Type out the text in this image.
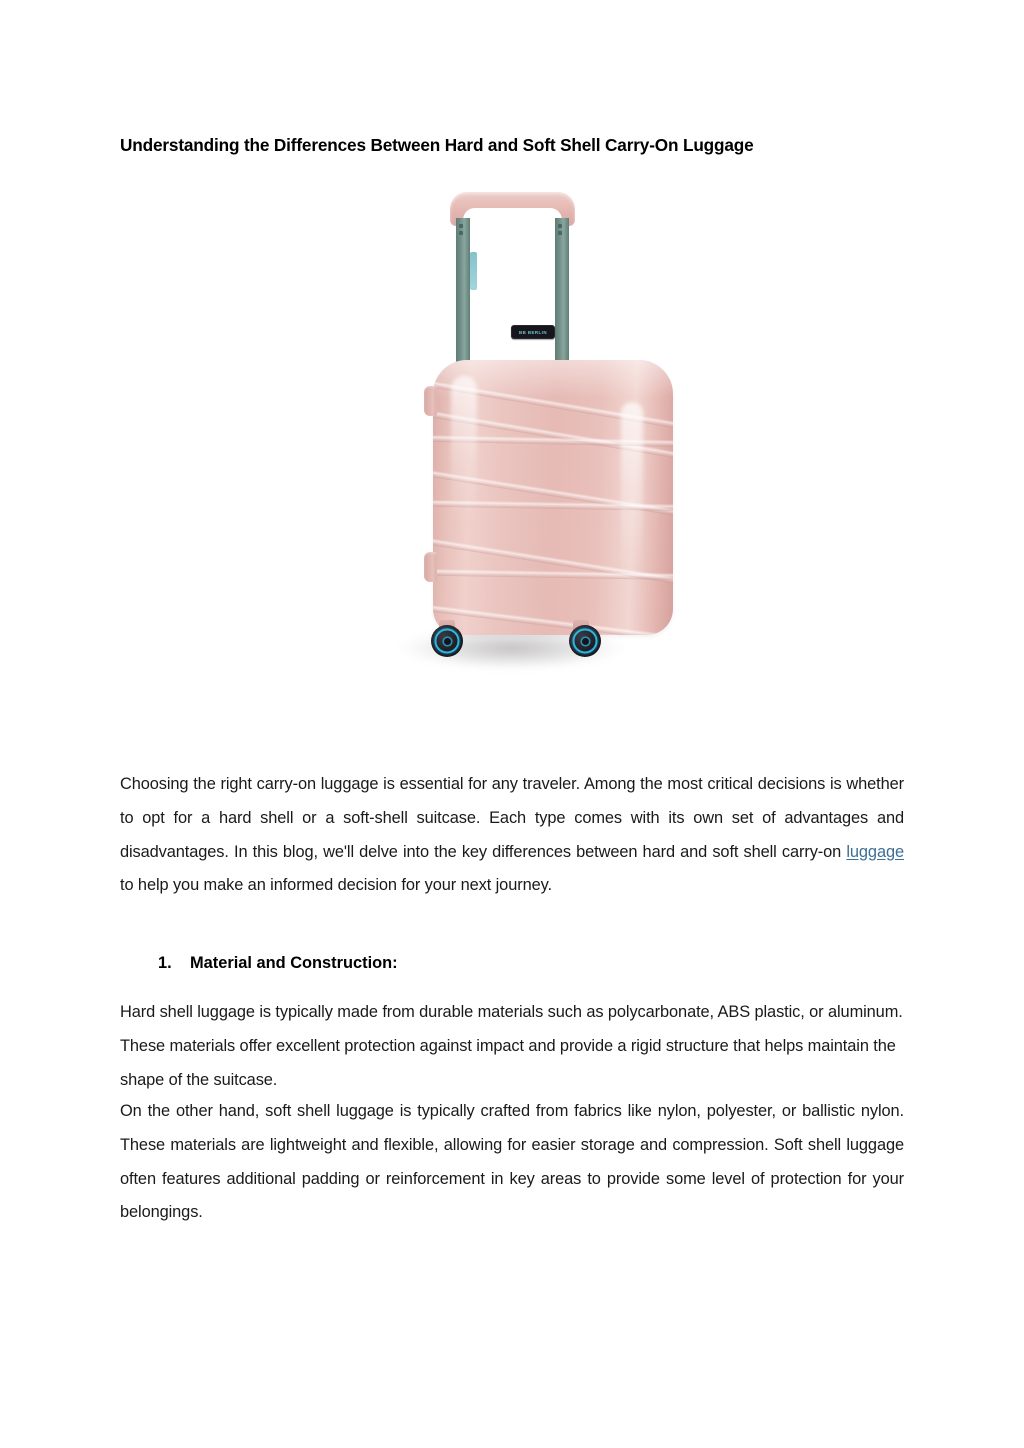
Understanding the Differences Between Hard and Soft Shell Carry-On Luggage
BB BERLIN

Choosing the right carry-on luggage is essential for any traveler. Among the most critical decisions is whether to opt for a hard shell or a soft-shell suitcase. Each type comes with its own set of advantages and disadvantages. In this blog, we'll delve into the key differences between hard and soft shell carry-on luggage to help you make an informed decision for your next journey.

1. Material and Construction:

Hard shell luggage is typically made from durable materials such as polycarbonate, ABS plastic, or aluminum. These materials offer excellent protection against impact and provide a rigid structure that helps maintain the shape of the suitcase.

On the other hand, soft shell luggage is typically crafted from fabrics like nylon, polyester, or ballistic nylon. These materials are lightweight and flexible, allowing for easier storage and compression. Soft shell luggage often features additional padding or reinforcement in key areas to provide some level of protection for your belongings.
